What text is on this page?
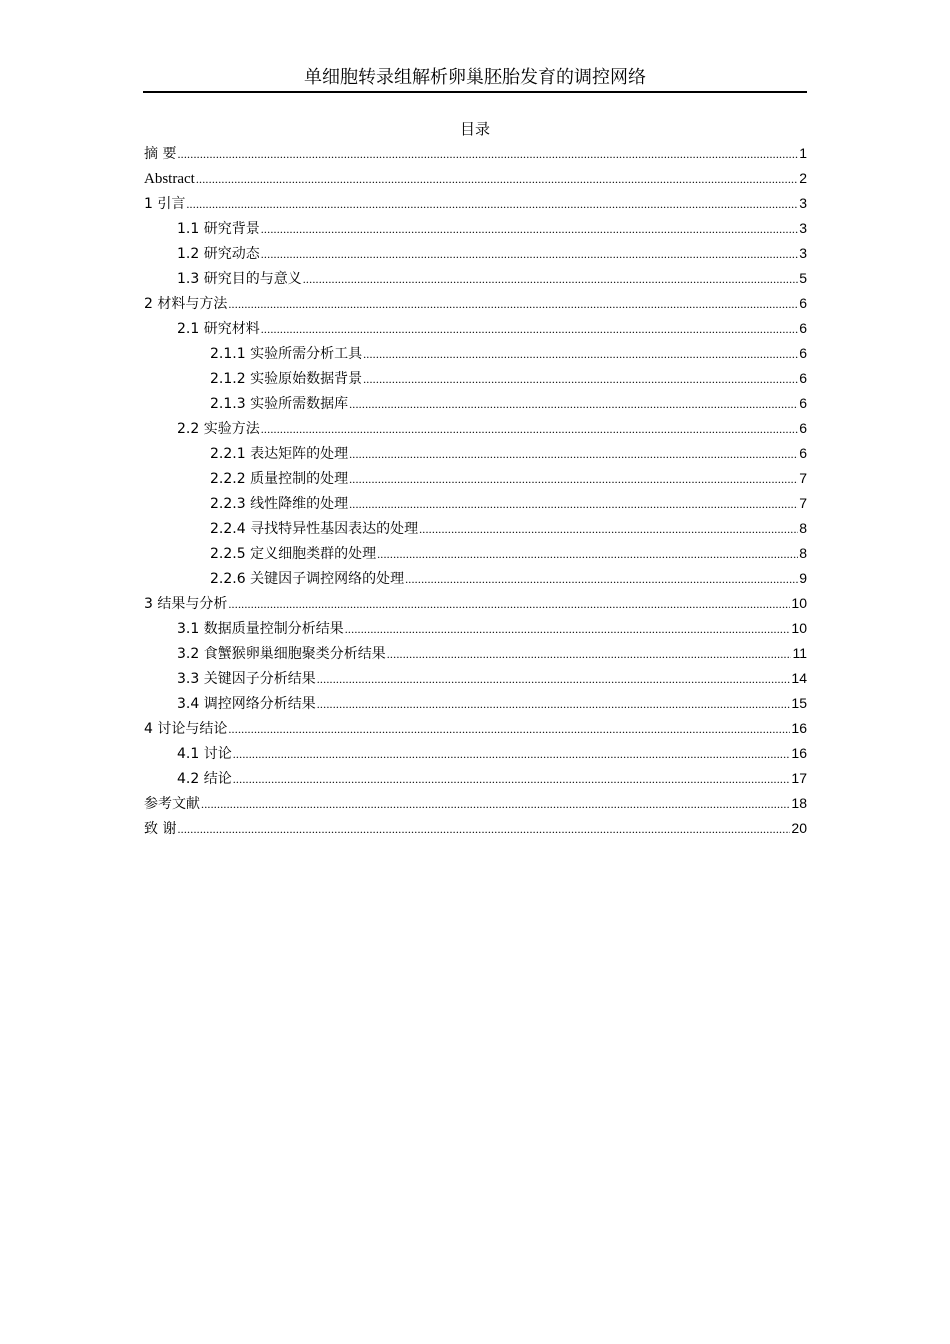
单细胞转录组解析卵巢胚胎发育的调控网络
目录
摘 要 .....	1
Abstract .....	2
1 引言 .....	3
1.1 研究背景 .....	3
1.2 研究动态 .....	3
1.3 研究目的与意义 .....	5
2 材料与方法 .....	6
2.1 研究材料 .....	6
2.1.1 实验所需分析工具 .....	6
2.1.2 实验原始数据背景 .....	6
2.1.3 实验所需数据库 .....	6
2.2 实验方法 .....	6
2.2.1 表达矩阵的处理 .....	6
2.2.2 质量控制的处理 .....	7
2.2.3 线性降维的处理 .....	7
2.2.4 寻找特异性基因表达的处理 .....	8
2.2.5 定义细胞类群的处理 .....	8
2.2.6 关键因子调控网络的处理 .....	9
3 结果与分析 .....	10
3.1 数据质量控制分析结果 .....	10
3.2 食蟹猴卵巢细胞聚类分析结果 .....	11
3.3 关键因子分析结果 .....	14
3.4 调控网络分析结果 .....	15
4 讨论与结论 .....	16
4.1 讨论 .....	16
4.2 结论 .....	17
参考文献 .....	18
致 谢 .....	20
